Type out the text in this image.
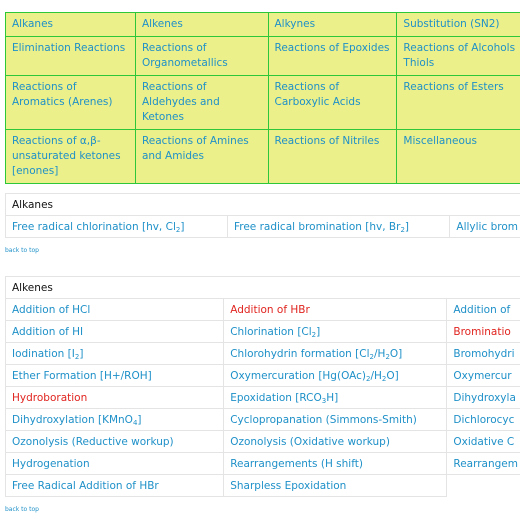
Alkanes	Alkenes	Alkynes	Substitution (SN2)
Elimination Reactions	Reactions of Organometallics	Reactions of Epoxides	Reactions of Alcohols Thiols
Reactions of Aromatics (Arenes)	Reactions of Aldehydes and Ketones	Reactions of Carboxylic Acids	Reactions of Esters
Reactions of α,β-unsaturated ketones [enones]	Reactions of Amines and Amides	Reactions of Nitriles	Miscellaneous
Alkanes
Free radical chlorination [hv, $Cl_2$]	Free radical bromination [hv, $Br_2$]	Allylic brom
back to top
Alkenes		
Addition of HCl	Addition of HBr	Addition of
Addition of HI	Chlorination $[Cl_2]$	Brominatio
Iodination $[I_2]$	Chlorohydrin formation $[Cl_2/H_2O]$	Bromohydri
Ether Formation [H+/ROH]	Oxymercuration $[Hg(OAc)_2/H_2O]$	Oxymercur
Hydroboration	Epoxidation $[RCO_3H]$	Dihydroxyla
Dihydroxylation [KMnO$_4$]	Cyclopropanation (Simmons-Smith)	Dichlorocyc
Ozonolysis (Reductive workup)	Ozonolysis (Oxidative workup)	Oxidative C
Hydrogenation	Rearrangements (H shift)	Rearrangem
Free Radical Addition of HBr	Sharpless Epoxidation	
back to top
